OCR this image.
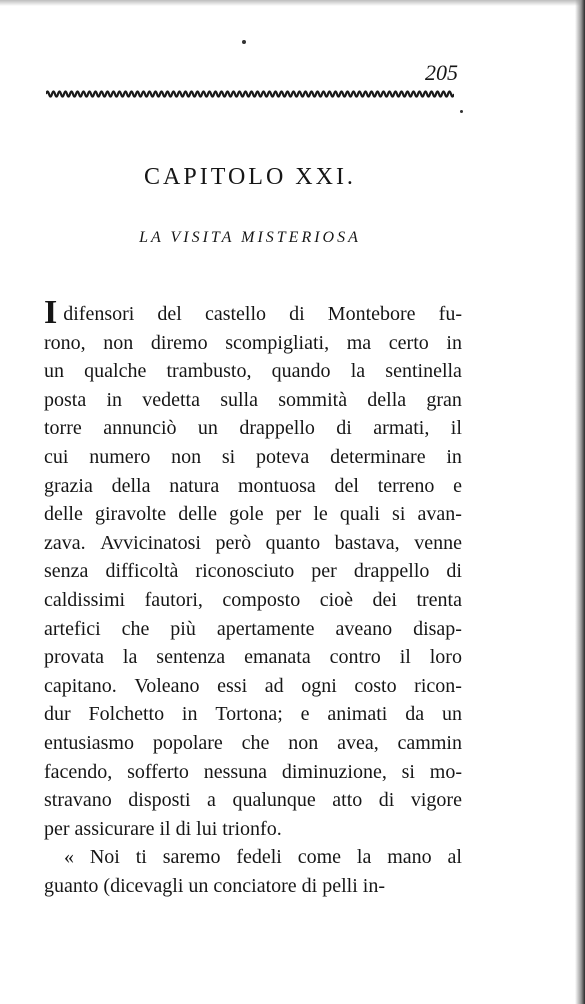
205
CAPITOLO XXI.
LA VISITA MISTERIOSA
I difensori del castello di Montebore fu-
rono, non diremo scompigliati, ma certo in
un qualche trambusto, quando la sentinella
posta in vedetta sulla sommità della gran
torre annunciò un drappello di armati, il
cui numero non si poteva determinare in
grazia della natura montuosa del terreno e
delle giravolte delle gole per le quali si avan-
zava. Avvicinatosi però quanto bastava, venne
senza difficoltà riconosciuto per drappello di
caldissimi fautori, composto cioè dei trenta
artefici che più apertamente aveano disap-
provata la sentenza emanata contro il loro
capitano. Voleano essi ad ogni costo ricon-
dur Folchetto in Tortona; e animati da un
entusiasmo popolare che non avea, cammin
facendo, sofferto nessuna diminuzione, si mo-
stravano disposti a qualunque atto di vigore
per assicurare il di lui trionfo.
« Noi ti saremo fedeli come la mano al
guanto (dicevagli un conciatore di pelli in-
